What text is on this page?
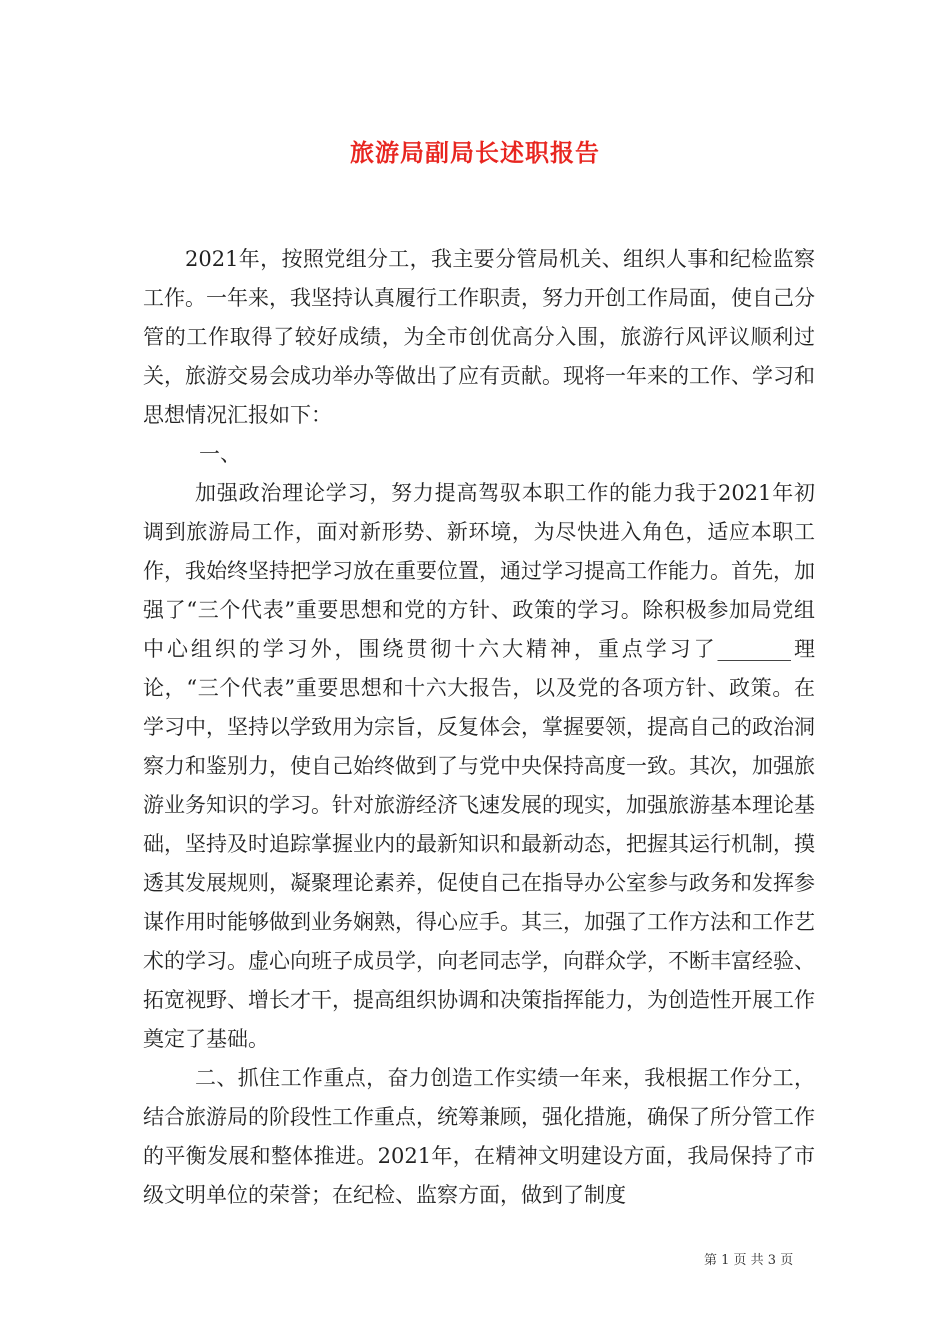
旅游局副局长述职报告

2021年，按照党组分工，我主要分管局机关、组织人事和纪检监察工作。一年来，我坚持认真履行工作职责，努力开创工作局面，使自己分管的工作取得了较好成绩，为全市创优高分入围，旅游行风评议顺利过关，旅游交易会成功举办等做出了应有贡献。现将一年来的工作、学习和思想情况汇报如下：

一、

加强政治理论学习，努力提高驾驭本职工作的能力我于2021年初调到旅游局工作，面对新形势、新环境，为尽快进入角色，适应本职工作，我始终坚持把学习放在重要位置，通过学习提高工作能力。首先，加强了“三个代表”重要思想和党的方针、政策的学习。除积极参加局党组中心组织的学习外，围绕贯彻十六大精神，重点学习了_______理论，“三个代表”重要思想和十六大报告，以及党的各项方针、政策。在学习中，坚持以学致用为宗旨，反复体会，掌握要领，提高自己的政治洞察力和鉴别力，使自己始终做到了与党中央保持高度一致。其次，加强旅游业务知识的学习。针对旅游经济飞速发展的现实，加强旅游基本理论基础，坚持及时追踪掌握业内的最新知识和最新动态，把握其运行机制，摸透其发展规则，凝聚理论素养，促使自己在指导办公室参与政务和发挥参谋作用时能够做到业务娴熟，得心应手。其三，加强了工作方法和工作艺术的学习。虚心向班子成员学，向老同志学，向群众学，不断丰富经验、拓宽视野、增长才干，提高组织协调和决策指挥能力，为创造性开展工作奠定了基础。

二、抓住工作重点，奋力创造工作实绩一年来，我根据工作分工，结合旅游局的阶段性工作重点，统筹兼顾，强化措施，确保了所分管工作的平衡发展和整体推进。2021年，在精神文明建设方面，我局保持了市级文明单位的荣誉；在纪检、监察方面，做到了制度

第 1 页 共 3 页
